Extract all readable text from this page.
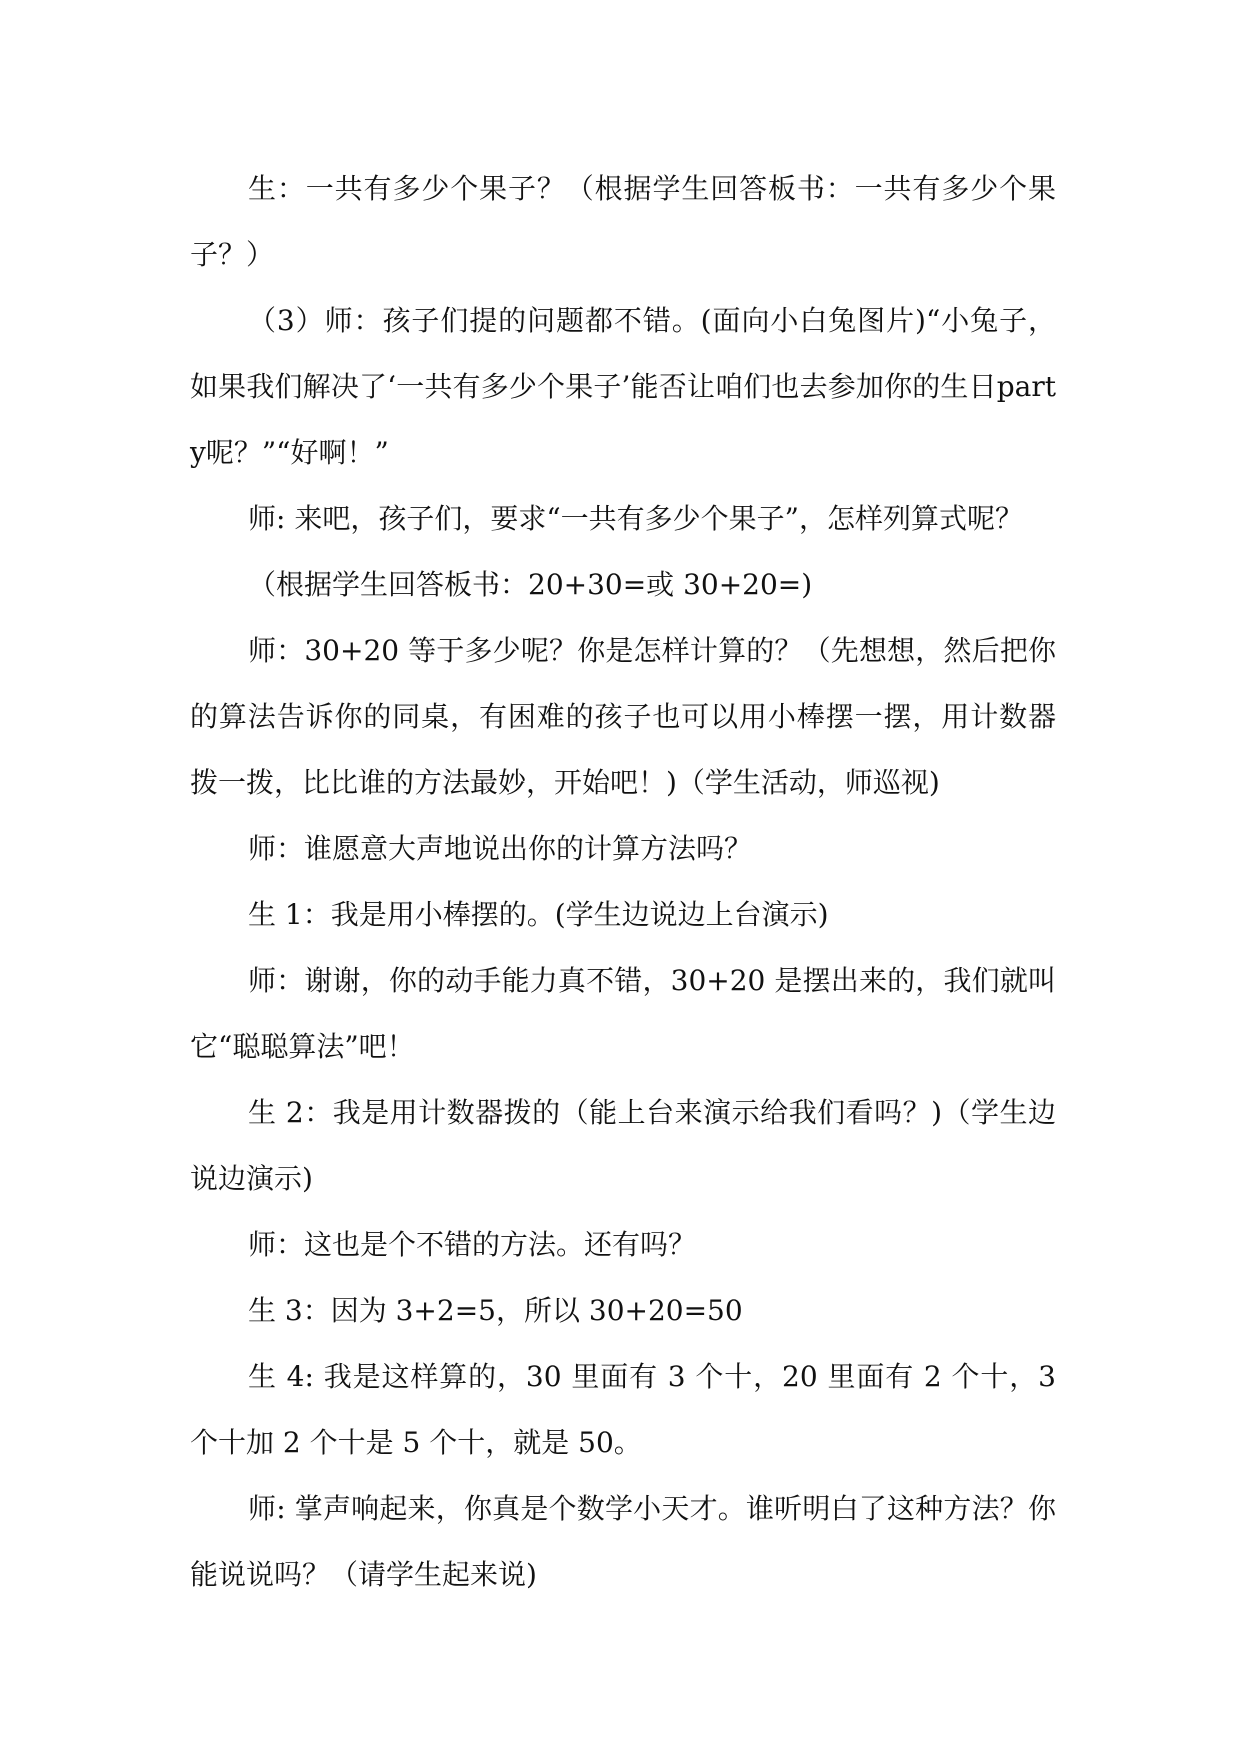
生：一共有多少个果子？（根据学生回答板书：一共有多少个果子？）

（3）师：孩子们提的问题都不错。(面向小白兔图片)“小兔子，如果我们解决了‘一共有多少个果子’能否让咱们也去参加你的生日party呢？”“好啊！”

师: 来吧，孩子们，要求“一共有多少个果子”，怎样列算式呢？

（根据学生回答板书：20+30=或 30+20=)

师：30+20 等于多少呢？你是怎样计算的？（先想想，然后把你的算法告诉你的同桌，有困难的孩子也可以用小棒摆一摆，用计数器拨一拨，比比谁的方法最妙，开始吧！)（学生活动，师巡视)

师：谁愿意大声地说出你的计算方法吗？

生 1：我是用小棒摆的。(学生边说边上台演示)

师：谢谢，你的动手能力真不错，30+20 是摆出来的，我们就叫它“聪聪算法”吧！

生 2：我是用计数器拨的（能上台来演示给我们看吗？)（学生边说边演示)

师：这也是个不错的方法。还有吗？

生 3：因为 3+2=5，所以 30+20=50

生 4: 我是这样算的，30 里面有 3 个十，20 里面有 2 个十，3 个十加 2 个十是 5 个十，就是 50。

师: 掌声响起来，你真是个数学小天才。谁听明白了这种方法？你能说说吗？（请学生起来说)
